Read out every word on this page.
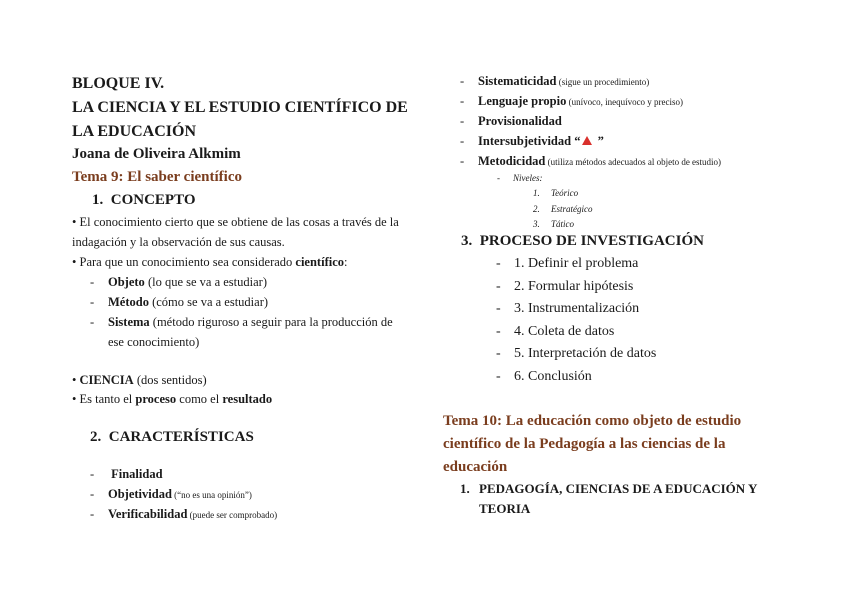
BLOQUE IV.
LA CIENCIA Y EL ESTUDIO CIENTÍFICO DE
LA EDUCACIÓN
Joana de Oliveira Alkmim
Tema 9: El saber científico
1. CONCEPTO
• El conocimiento cierto que se obtiene de las cosas a través de la
indagación y la observación de sus causas.
• Para que un conocimiento sea considerado científico:
- Objeto (lo que se va a estudiar)
- Método (cómo se va a estudiar)
- Sistema (método riguroso a seguir para la producción de
ese conocimiento)
• CIENCIA (dos sentidos)
• Es tanto el proceso como el resultado
2. CARACTERÍSTICAS
- Finalidad
- Objetividad (“no es una opinión”)
- Verificabilidad (puede ser comprobado)
- Sistematicidad (sigue un procedimiento)
- Lenguaje propio (unívoco, inequívoco y preciso)
- Provisionalidad
- Intersubjetividad “ ”
- Metodicidad (utiliza métodos adecuados al objeto de estudio)
- Niveles:
1. Teórico
2. Estratégico
3. Tático
3. PROCESO DE INVESTIGACIÓN
- 1. Definir el problema
- 2. Formular hipótesis
- 3. Instrumentalización
- 4. Coleta de datos
- 5. Interpretación de datos
- 6. Conclusión
Tema 10: La educación como objeto de estudio
científico de la Pedagogía a las ciencias de la
educación
1. PEDAGOGÍA, CIENCIAS DE A EDUCACIÓN Y
TEORIA
